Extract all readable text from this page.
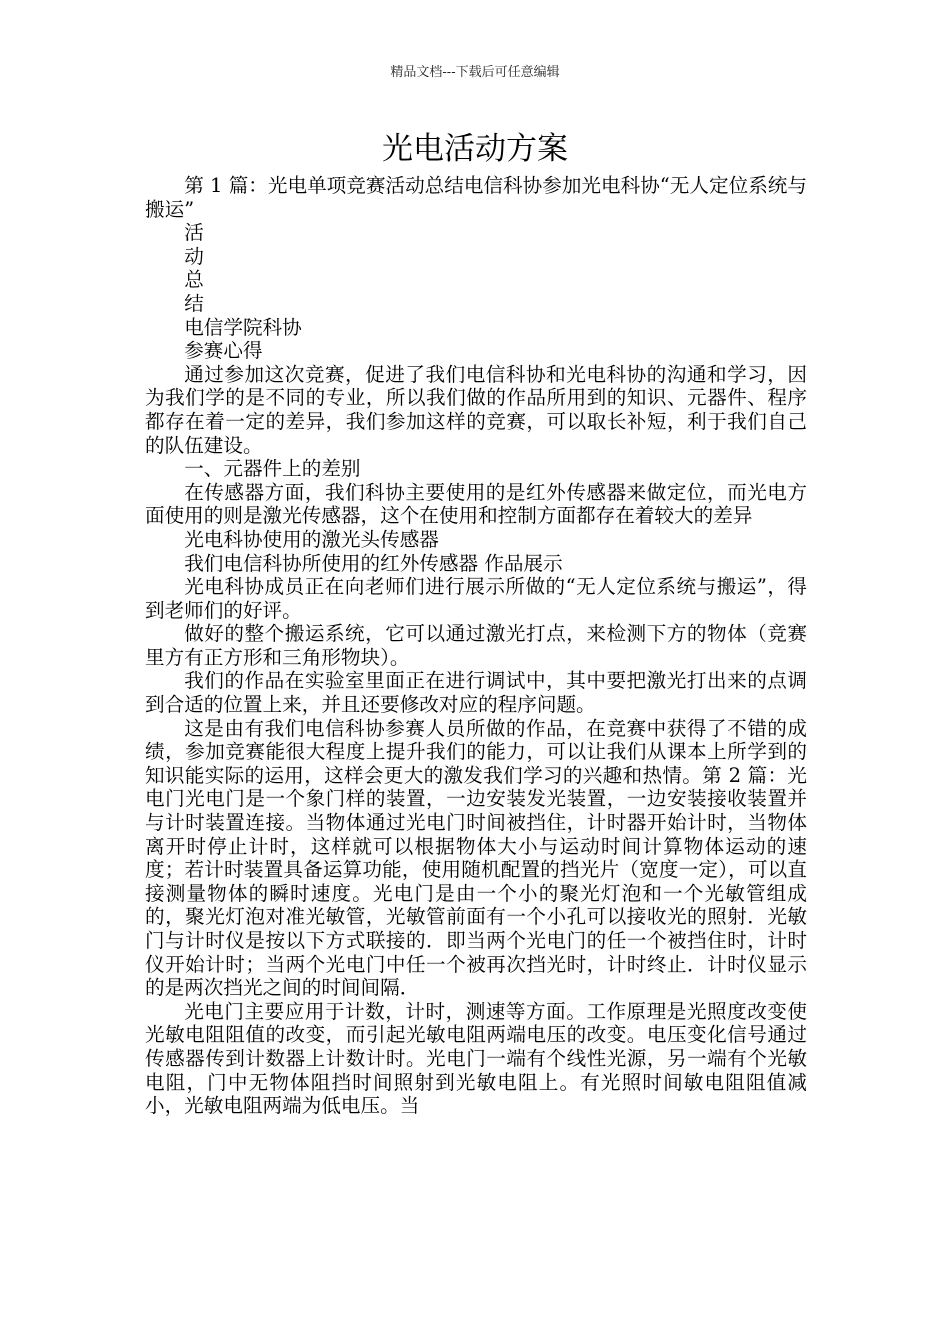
精品文档---下载后可任意编辑
光电活动方案

第 1 篇：光电单项竞赛活动总结电信科协参加光电科协“无人定位系统与搬运”

活

动

总

结

电信学院科协

参赛心得

通过参加这次竞赛，促进了我们电信科协和光电科协的沟通和学习，因为我们学的是不同的专业，所以我们做的作品所用到的知识、元器件、程序都存在着一定的差异，我们参加这样的竞赛，可以取长补短，利于我们自己的队伍建设。

一、元器件上的差别

在传感器方面，我们科协主要使用的是红外传感器来做定位，而光电方面使用的则是激光传感器，这个在使用和控制方面都存在着较大的差异

光电科协使用的激光头传感器

我们电信科协所使用的红外传感器 作品展示

光电科协成员正在向老师们进行展示所做的“无人定位系统与搬运”，得到老师们的好评。

做好的整个搬运系统，它可以通过激光打点，来检测下方的物体（竞赛里方有正方形和三角形物块）。

我们的作品在实验室里面正在进行调试中，其中要把激光打出来的点调到合适的位置上来，并且还要修改对应的程序问题。

这是由有我们电信科协参赛人员所做的作品，在竞赛中获得了不错的成绩，参加竞赛能很大程度上提升我们的能力，可以让我们从课本上所学到的知识能实际的运用，这样会更大的激发我们学习的兴趣和热情。第 2 篇：光电门光电门是一个象门样的装置，一边安装发光装置，一边安装接收装置并与计时装置连接。当物体通过光电门时间被挡住，计时器开始计时，当物体离开时停止计时，这样就可以根据物体大小与运动时间计算物体运动的速度；若计时装置具备运算功能，使用随机配置的挡光片（宽度一定），可以直接测量物体的瞬时速度。光电门是由一个小的聚光灯泡和一个光敏管组成的，聚光灯泡对准光敏管，光敏管前面有一个小孔可以接收光的照射．光敏门与计时仪是按以下方式联接的．即当两个光电门的任一个被挡住时，计时仪开始计时；当两个光电门中任一个被再次挡光时，计时终止．计时仪显示的是两次挡光之间的时间间隔．

光电门主要应用于计数，计时，测速等方面。工作原理是光照度改变使光敏电阻阻值的改变，而引起光敏电阻两端电压的改变。电压变化信号通过传感器传到计数器上计数计时。光电门一端有个线性光源，另一端有个光敏电阻，门中无物体阻挡时间照射到光敏电阻上。有光照时间敏电阻阻值减小，光敏电阻两端为低电压。当
